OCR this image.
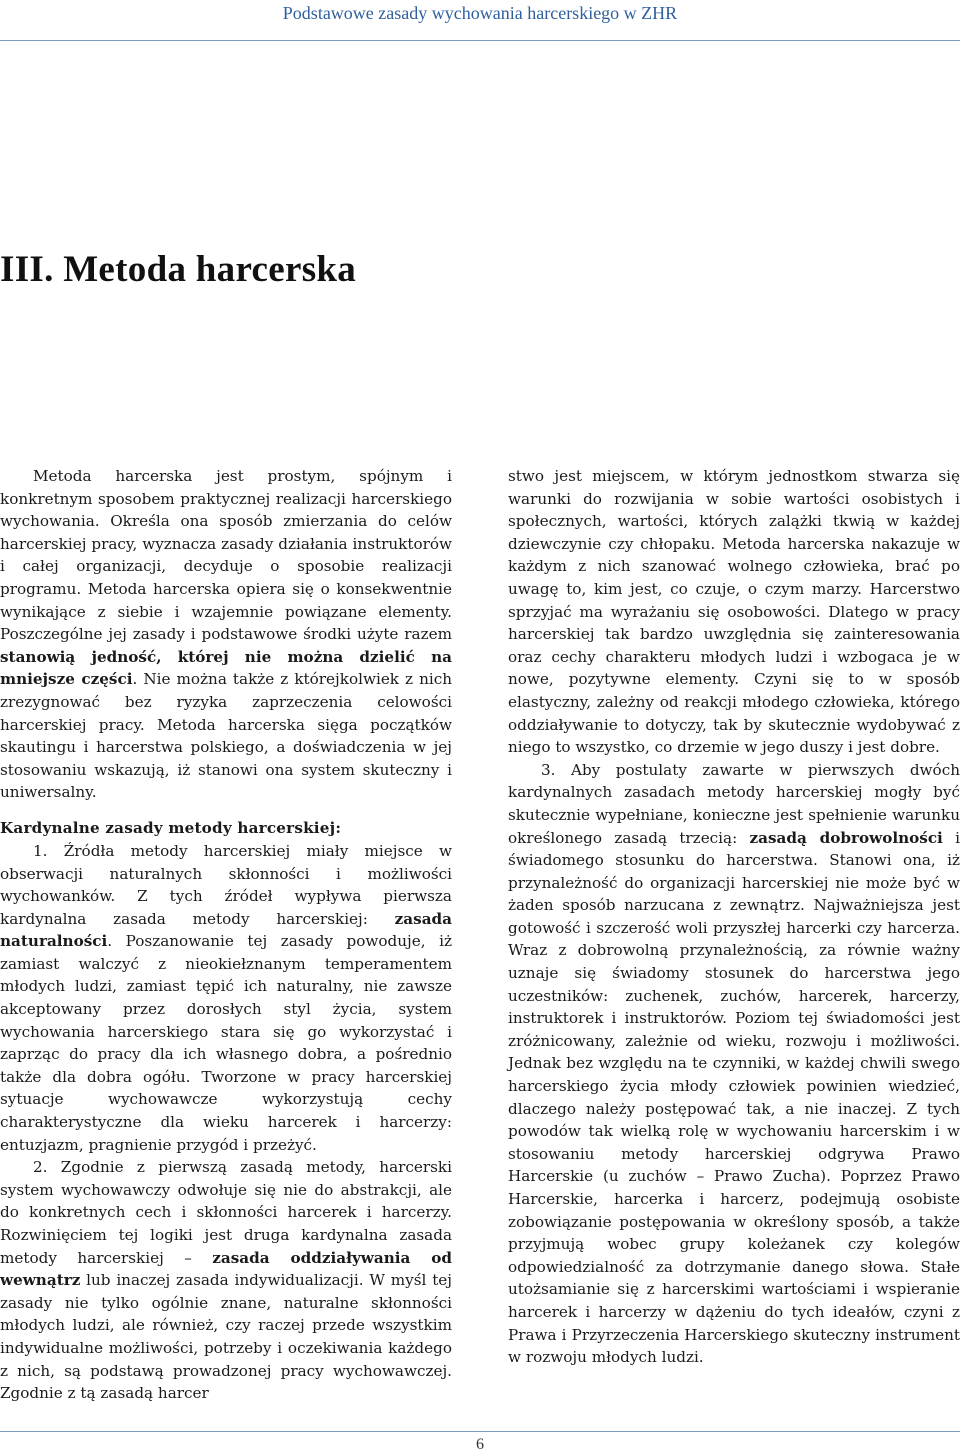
Podstawowe zasady wychowania harcerskiego w ZHR
III. Metoda harcerska

Metoda harcerska jest prostym, spójnym i konkretnym sposobem praktycznej realizacji harcerskiego wychowania. Określa ona sposób zmierzania do celów harcerskiej pracy, wyznacza zasady działania instruktorów i całej organizacji, decyduje o sposobie realizacji programu. Metoda harcerska opiera się o konsekwentnie wynikające z siebie i wzajemnie powiązane elementy. Poszczególne jej zasady i podstawowe środki użyte razem stanowią jedność, której nie można dzielić na mniejsze części. Nie można także z którejkolwiek z nich zrezygnować bez ryzyka zaprzeczenia celowości harcerskiej pracy. Metoda harcerska sięga początków skautingu i harcerstwa polskiego, a doświadczenia w jej stosowaniu wskazują, iż stanowi ona system skuteczny i uniwersalny.

Kardynalne zasady metody harcerskiej:

1. Źródła metody harcerskiej miały miejsce w obserwacji naturalnych skłonności i możliwości wychowanków. Z tych źródeł wypływa pierwsza kardynalna zasada metody harcerskiej: zasada naturalności. Poszanowanie tej zasady powoduje, iż zamiast walczyć z nieokiełznanym temperamentem młodych ludzi, zamiast tępić ich naturalny, nie zawsze akceptowany przez dorosłych styl życia, system wychowania harcerskiego stara się go wykorzystać i zaprząc do pracy dla ich własnego dobra, a pośrednio także dla dobra ogółu. Tworzone w pracy harcerskiej sytuacje wychowawcze wykorzystują cechy charakterystyczne dla wieku harcerek i harcerzy: entuzjazm, pragnienie przygód i przeżyć.

2. Zgodnie z pierwszą zasadą metody, harcerski system wychowawczy odwołuje się nie do abstrakcji, ale do konkretnych cech i skłonności harcerek i harcerzy. Rozwinięciem tej logiki jest druga kardynalna zasada metody harcerskiej – zasada oddziaływania od wewnątrz lub inaczej zasada indywidualizacji. W myśl tej zasady nie tylko ogólnie znane, naturalne skłonności młodych ludzi, ale również, czy raczej przede wszystkim indywidualne możliwości, potrzeby i oczekiwania każdego z nich, są podstawą prowadzonej pracy wychowawczej. Zgodnie z tą zasadą harcer

stwo jest miejscem, w którym jednostkom stwarza się warunki do rozwijania w sobie wartości osobistych i społecznych, wartości, których zalążki tkwią w każdej dziewczynie czy chłopaku. Metoda harcerska nakazuje w każdym z nich szanować wolnego człowieka, brać po uwagę to, kim jest, co czuje, o czym marzy. Harcerstwo sprzyjać ma wyrażaniu się osobowości. Dlatego w pracy harcerskiej tak bardzo uwzględnia się zainteresowania oraz cechy charakteru młodych ludzi i wzbogaca je w nowe, pozytywne elementy. Czyni się to w sposób elastyczny, zależny od reakcji młodego człowieka, którego oddziaływanie to dotyczy, tak by skutecznie wydobywać z niego to wszystko, co drzemie w jego duszy i jest dobre.

3. Aby postulaty zawarte w pierwszych dwóch kardynalnych zasadach metody harcerskiej mogły być skutecznie wypełniane, konieczne jest spełnienie warunku określonego zasadą trzecią: zasadą dobrowolności i świadomego stosunku do harcerstwa. Stanowi ona, iż przynależność do organizacji harcerskiej nie może być w żaden sposób narzucana z zewnątrz. Najważniejsza jest gotowość i szczerość woli przyszłej harcerki czy harcerza. Wraz z dobrowolną przynależnością, za równie ważny uznaje się świadomy stosunek do harcerstwa jego uczestników: zuchenek, zuchów, harcerek, harcerzy, instruktorek i instruktorów. Poziom tej świadomości jest zróżnicowany, zależnie od wieku, rozwoju i możliwości. Jednak bez względu na te czynniki, w każdej chwili swego harcerskiego życia młody człowiek powinien wiedzieć, dlaczego należy postępować tak, a nie inaczej. Z tych powodów tak wielką rolę w wychowaniu harcerskim i w stosowaniu metody harcerskiej odgrywa Prawo Harcerskie (u zuchów – Prawo Zucha). Poprzez Prawo Harcerskie, harcerka i harcerz, podejmują osobiste zobowiązanie postępowania w określony sposób, a także przyjmują wobec grupy koleżanek czy kolegów odpowiedzialność za dotrzymanie danego słowa. Stałe utożsamianie się z harcerskimi wartościami i wspieranie harcerek i harcerzy w dążeniu do tych ideałów, czyni z Prawa i Przyrzeczenia Harcerskiego skuteczny instrument w rozwoju młodych ludzi.

6
